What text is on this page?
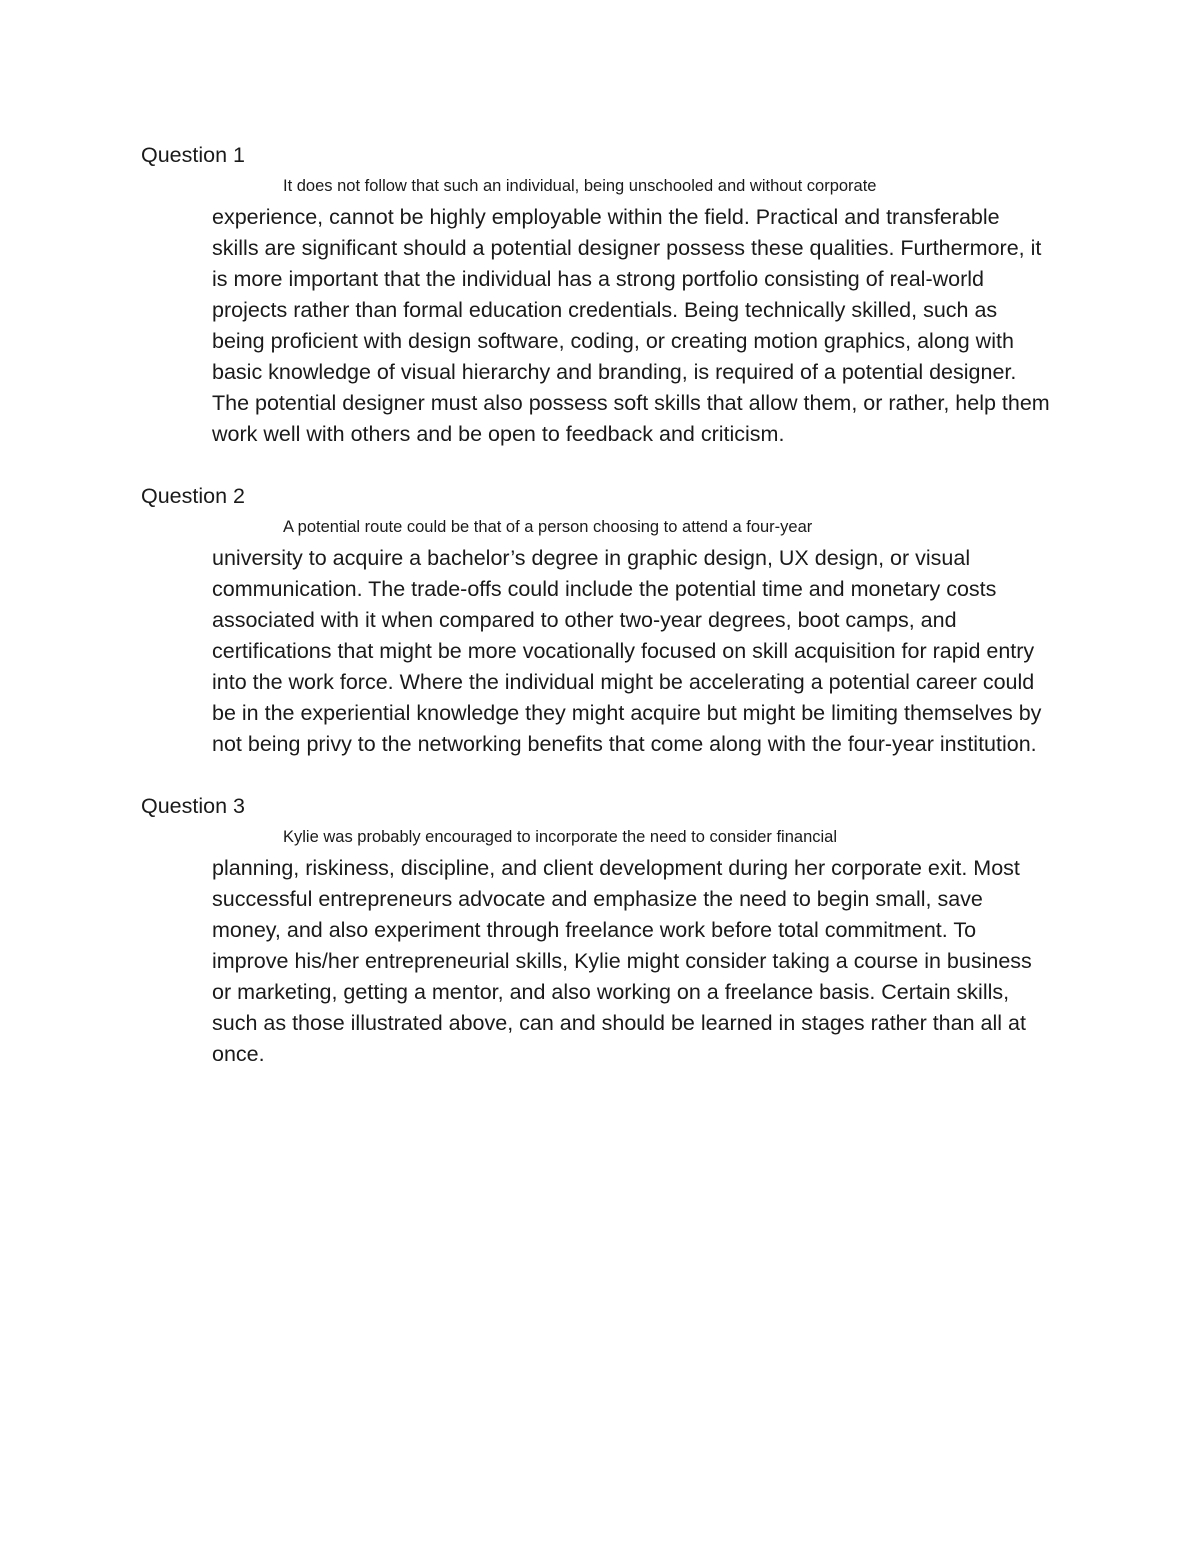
Question 1
It does not follow that such an individual, being unschooled and without corporate
experience, cannot be highly employable within the field. Practical and transferable
skills are significant should a potential designer possess these qualities. Furthermore, it
is more important that the individual has a strong portfolio consisting of real-world
projects rather than formal education credentials. Being technically skilled, such as
being proficient with design software, coding, or creating motion graphics, along with
basic knowledge of visual hierarchy and branding, is required of a potential designer.
The potential designer must also possess soft skills that allow them, or rather, help them
work well with others and be open to feedback and criticism.
Question 2
A potential route could be that of a person choosing to attend a four-year
university to acquire a bachelor’s degree in graphic design, UX design, or visual
communication. The trade-offs could include the potential time and monetary costs
associated with it when compared to other two-year degrees, boot camps, and
certifications that might be more vocationally focused on skill acquisition for rapid entry
into the work force. Where the individual might be accelerating a potential career could
be in the experiential knowledge they might acquire but might be limiting themselves by
not being privy to the networking benefits that come along with the four-year institution.
Question 3
Kylie was probably encouraged to incorporate the need to consider financial
planning, riskiness, discipline, and client development during her corporate exit. Most
successful entrepreneurs advocate and emphasize the need to begin small, save
money, and also experiment through freelance work before total commitment. To
improve his/her entrepreneurial skills, Kylie might consider taking a course in business
or marketing, getting a mentor, and also working on a freelance basis. Certain skills,
such as those illustrated above, can and should be learned in stages rather than all at
once.
